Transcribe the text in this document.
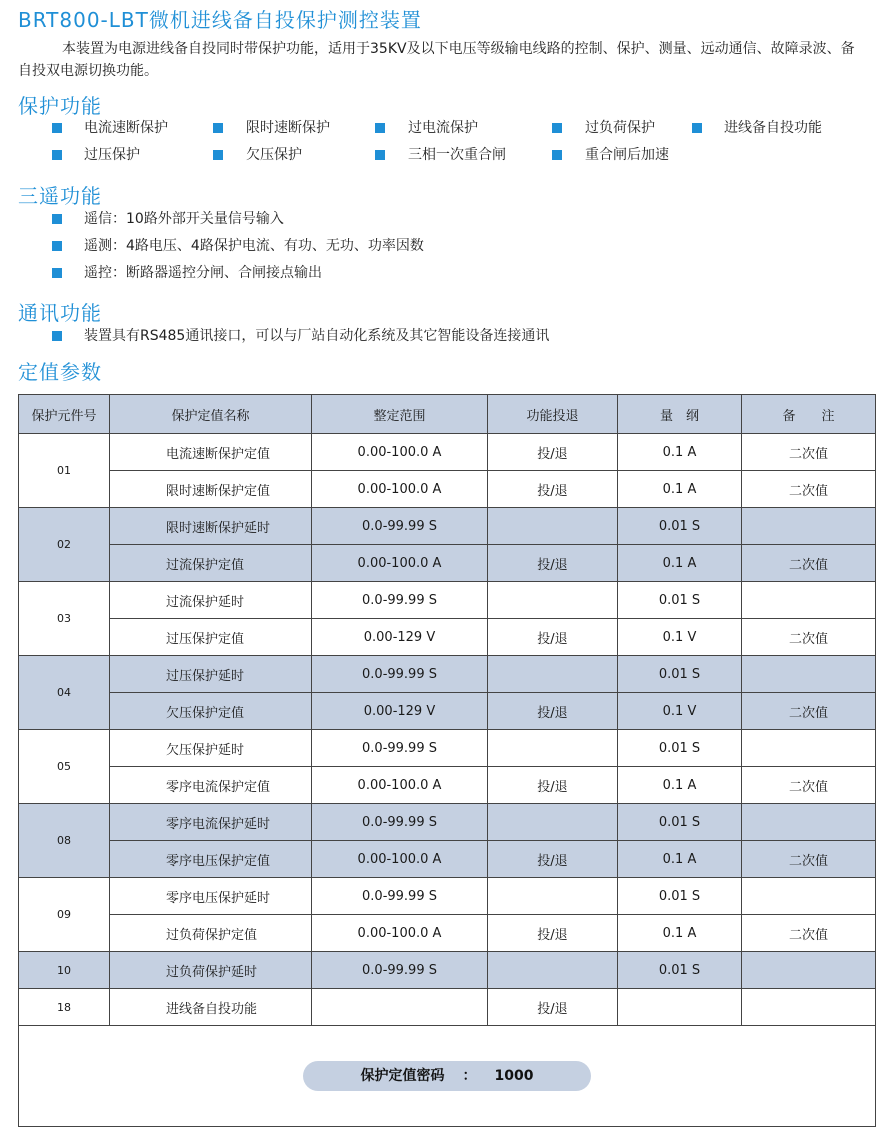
BRT800-LBT微机进线备自投保护测控装置
本装置为电源进线备自投同时带保护功能，适用于35KV及以下电压等级输电线路的控制、保护、测量、远动通信、故障录波、备自投双电源切换功能。
保护功能
电流速断保护	限时速断保护	过电流保护	过负荷保护	进线备自投功能
过压保护	欠压保护	三相一次重合闸	重合闸后加速
三遥功能
遥信：10路外部开关量信号输入
遥测：4路电压、4路保护电流、有功、无功、功率因数
遥控：断路器遥控分闸、合闸接点输出
通讯功能
装置具有RS485通讯接口，可以与厂站自动化系统及其它智能设备连接通讯
定值参数
保护元件号	保护定值名称	整定范围	功能投退	量　纲	备　　注
01	电流速断保护定值	0.00-100.0 A	投/退	0.1 A	二次值
	限时速断保护定值	0.00-100.0 A	投/退	0.1 A	二次值
02	限时速断保护延时	0.0-99.99 S		0.01 S	
	过流保护定值	0.00-100.0 A	投/退	0.1 A	二次值
03	过流保护延时	0.0-99.99 S		0.01 S	
	过压保护定值	0.00-129 V	投/退	0.1 V	二次值
04	过压保护延时	0.0-99.99 S		0.01 S	
	欠压保护定值	0.00-129 V	投/退	0.1 V	二次值
05	欠压保护延时	0.0-99.99 S		0.01 S	
	零序电流保护定值	0.00-100.0 A	投/退	0.1 A	二次值
08	零序电流保护延时	0.0-99.99 S		0.01 S	
	零序电压保护定值	0.00-100.0 A	投/退	0.1 A	二次值
09	零序电压保护延时	0.0-99.99 S		0.01 S	
	过负荷保护定值	0.00-100.0 A	投/退	0.1 A	二次值
10	过负荷保护延时	0.0-99.99 S		0.01 S	
18	进线备自投功能		投/退		
保护定值密码 ： 1000					
